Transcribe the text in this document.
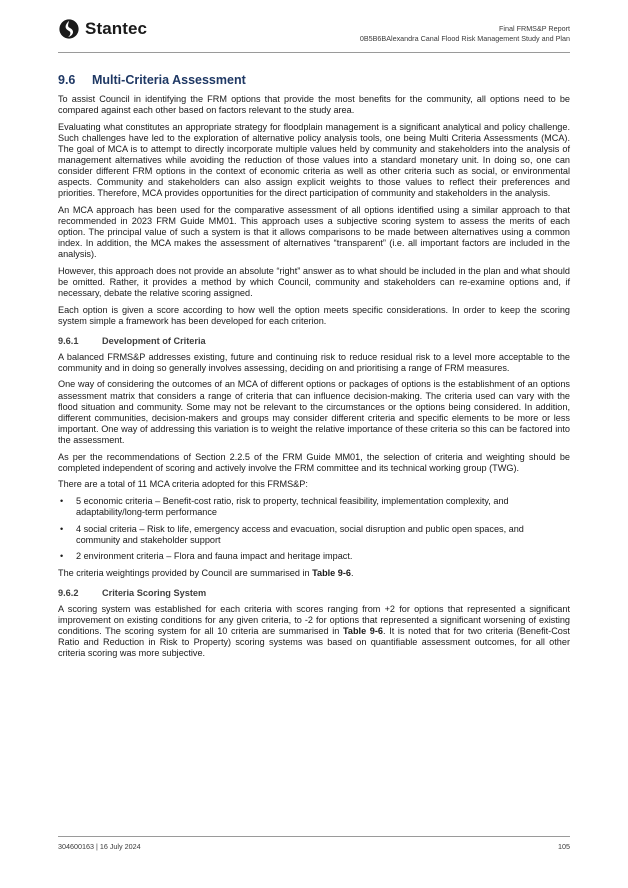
Stantec	Final FRMS&P Report
0B5B6BAlexandra Canal Flood Risk Management Study and Plan
9.6	Multi-Criteria Assessment

To assist Council in identifying the FRM options that provide the most benefits for the community, all options need to be compared against each other based on factors relevant to the study area.

Evaluating what constitutes an appropriate strategy for floodplain management is a significant analytical and policy challenge. Such challenges have led to the exploration of alternative policy analysis tools, one being Multi Criteria Assessments (MCA). The goal of MCA is to attempt to directly incorporate multiple values held by community and stakeholders into the analysis of management alternatives while avoiding the reduction of those values into a standard monetary unit. In doing so, one can consider different FRM options in the context of economic criteria as well as other criteria such as social, or environmental aspects. Community and stakeholders can also assign explicit weights to those values to reflect their preferences and priorities. Therefore, MCA provides opportunities for the direct participation of community and stakeholders in the analysis.

An MCA approach has been used for the comparative assessment of all options identified using a similar approach to that recommended in 2023 FRM Guide MM01. This approach uses a subjective scoring system to assess the merits of each option. The principal value of such a system is that it allows comparisons to be made between alternatives using a common index. In addition, the MCA makes the assessment of alternatives “transparent” (i.e. all important factors are included in the analysis).

However, this approach does not provide an absolute “right” answer as to what should be included in the plan and what should be omitted. Rather, it provides a method by which Council, community and stakeholders can re-examine options and, if necessary, debate the relative scoring assigned.

Each option is given a score according to how well the option meets specific considerations. In order to keep the scoring system simple a framework has been developed for each criterion.

9.6.1	Development of Criteria

A balanced FRMS&P addresses existing, future and continuing risk to reduce residual risk to a level more acceptable to the community and in doing so generally involves assessing, deciding on and prioritising a range of FRM measures.

One way of considering the outcomes of an MCA of different options or packages of options is the establishment of an options assessment matrix that considers a range of criteria that can influence decision-making. The criteria used can vary with the flood situation and community. Some may not be relevant to the circumstances or the options being considered. In addition, different communities, decision-makers and groups may consider different criteria and specific elements to be more or less important. One way of addressing this variation is to weight the relative importance of these criteria so this can be factored into the assessment.

As per the recommendations of Section 2.2.5 of the FRM Guide MM01, the selection of criteria and weighting should be completed independent of scoring and actively involve the FRM committee and its technical working group (TWG).

There are a total of 11 MCA criteria adopted for this FRMS&P:

• 5 economic criteria – Benefit-cost ratio, risk to property, technical feasibility, implementation complexity, and adaptability/long-term performance
• 4 social criteria – Risk to life, emergency access and evacuation, social disruption and public open spaces, and community and stakeholder support
• 2 environment criteria – Flora and fauna impact and heritage impact.

The criteria weightings provided by Council are summarised in Table 9-6.

9.6.2	Criteria Scoring System

A scoring system was established for each criteria with scores ranging from +2 for options that represented a significant improvement on existing conditions for any given criteria, to -2 for options that represented a significant worsening of existing conditions. The scoring system for all 10 criteria are summarised in Table 9-6. It is noted that for two criteria (Benefit-Cost Ratio and Reduction in Risk to Property) scoring systems was based on quantifiable assessment outcomes, for all other criteria scoring was more subjective.

304600163 | 16 July 2024	105
